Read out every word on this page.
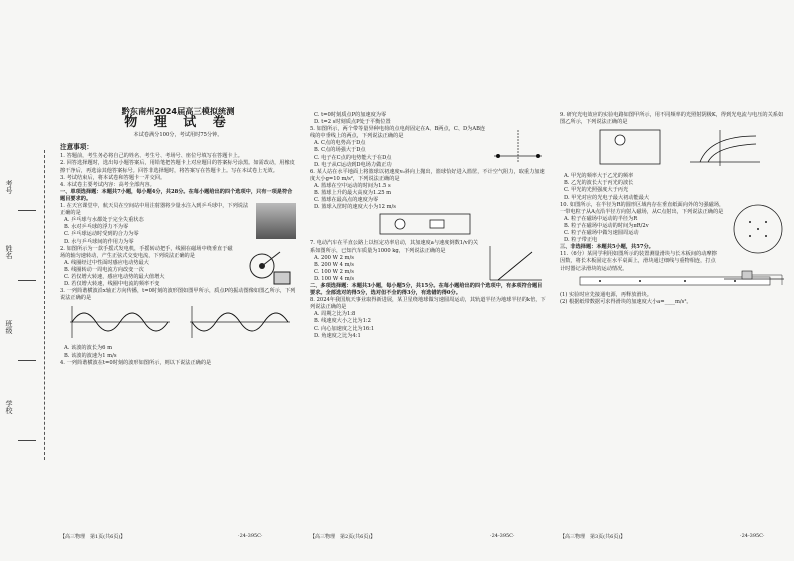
考号
姓名
班级
学校
黔东南州2024届高三模拟统测
物 理 试 卷
本试卷满分100分，考试用时75分钟。
注意事项：

1. 答题前，考生务必将自己的姓名、考生号、考场号、座位号填写在答题卡上。

2. 回答选择题时，选出每小题答案后，用铅笔把答题卡上对应题目的答案标号涂黑。如需改动，用橡皮擦干净后，再选涂其他答案标号。回答非选择题时，将答案写在答题卡上。写在本试卷上无效。

3. 考试结束后，将本试卷和答题卡一并交回。

4. 本试卷主要考试内容：高考全部内容。

一、单项选择题：本题共7小题，每小题4分，共28分。在每小题给出的四个选项中，只有一项是符合题目要求的。

1. 在天宫课堂中，航天员在空间站中用注射器将少量水注入到乒乓球中，下列说法正确的是

A. 乒乓球与水都处于完全失重状态

B. 水对乒乓球的浮力不为零

C. 乒乓球运动时受到的合力为零

D. 水与乒乓球间的作用力为零

2. 如图所示为一款手摇式发电机，手摇转动把手，线圈在磁场中绕垂直于磁场的轴匀速转动，产生正弦式交变电流，下列说法正确的是

A. 线圈经过中性面时感应电动势最大

B. 线圈转动一周电流方向改变一次

C. 若仅增大转速，感应电动势的最大值增大

D. 若仅增大转速，线圈中电流的频率不变

3. 一列简谐横波沿x轴正方向传播，t=0时刻的波形图如图甲所示，质点P的振动图像如图乙所示，下列说法正确的是

A. 该波的波长为6 m

B. 该波的波速为1 m/s

4. 一列简谐横波在t=0时刻的波形如图所示，则以下说法正确的是

【高三物理　第1页(共6页)】	·24-395C·

C. t=0时刻质点P的加速度为零

D. t=2 s时刻质点P处于平衡位置

5. 如图所示，两个带等量异种电荷的点电荷固定在A、B两点，C、D为AB连线的中垂线上的两点，下列说法正确的是

A. C点的电势高于D点

B. C点的场强大于D点

C. 电子在C点的电势能大于在D点

D. 电子从C运动到D电场力做正功

6. 某人站在水平地面上将篮球以初速度v₀斜向上抛出，篮球恰好进入篮筐，不计空气阻力，取重力加速度大小g=10 m/s²，下列说法正确的是

A. 篮球在空中运动的时间为1.5 s

B. 篮球上升的最大高度为1.25 m

C. 篮球在最高点的速度为零

D. 篮球入筐时的速度大小为12 m/s

7. 电动汽车在平直公路上以恒定功率启动，其加速度a与速度倒数1/v的关系如图所示，已知汽车质量为1000 kg，下列说法正确的是

A. 200 W 2 m/s

B. 200 W 4 m/s

C. 100 W 2 m/s

D. 100 W 4 m/s

二、多项选择题：本题共3小题，每小题5分，共15分。在每小题给出的四个选项中，有多项符合题目要求。全部选对的得5分，选对但不全的得3分，有选错的得0分。

8. 2024年我国航天事业取得新进展，某卫星绕地球做匀速圆周运动，其轨道半径为地球半径的k倍，下列说法正确的是

A. 周期之比为1:8

B. 线速度大小之比为1:2

C. 向心加速度之比为16:1

D. 角速度之比为4:1

【高三物理　第2页(共6页)】	·24-395C·

9. 研究光电效应的实验电路如图甲所示，用不同频率的光照射阴极K，得到光电流与电压的关系如图乙所示，下列说法正确的是

A. 甲光的频率大于乙光的频率

B. 乙光的波长大于丙光的波长

C. 甲光的光照强度大于丙光

D. 甲光对应的光电子最大初动能最大

10. 如图所示，在半径为R的圆形区域内存在垂直纸面向外的匀强磁场，一带电粒子从A点沿半径方向射入磁场，从C点射出，下列说法正确的是

A. 粒子在磁场中运动的半径为R

B. 粒子在磁场中运动的时间为πR/2v

C. 粒子在磁场中做匀速圆周运动

D. 粒子带正电

三、非选择题：本题共5小题，共57分。

11.（6分）某同学利用如图所示的装置测量滑块与长木板间的动摩擦因数，将长木板固定在水平桌面上，滑块通过细线与重物相连，打点计时器记录滑块的运动情况。

(1) 实验时应先接通电源，再释放滑块。

(2) 根据纸带数据可求得滑块的加速度大小a=____m/s²。

【高三物理　第3页(共6页)】	·24-395C·
